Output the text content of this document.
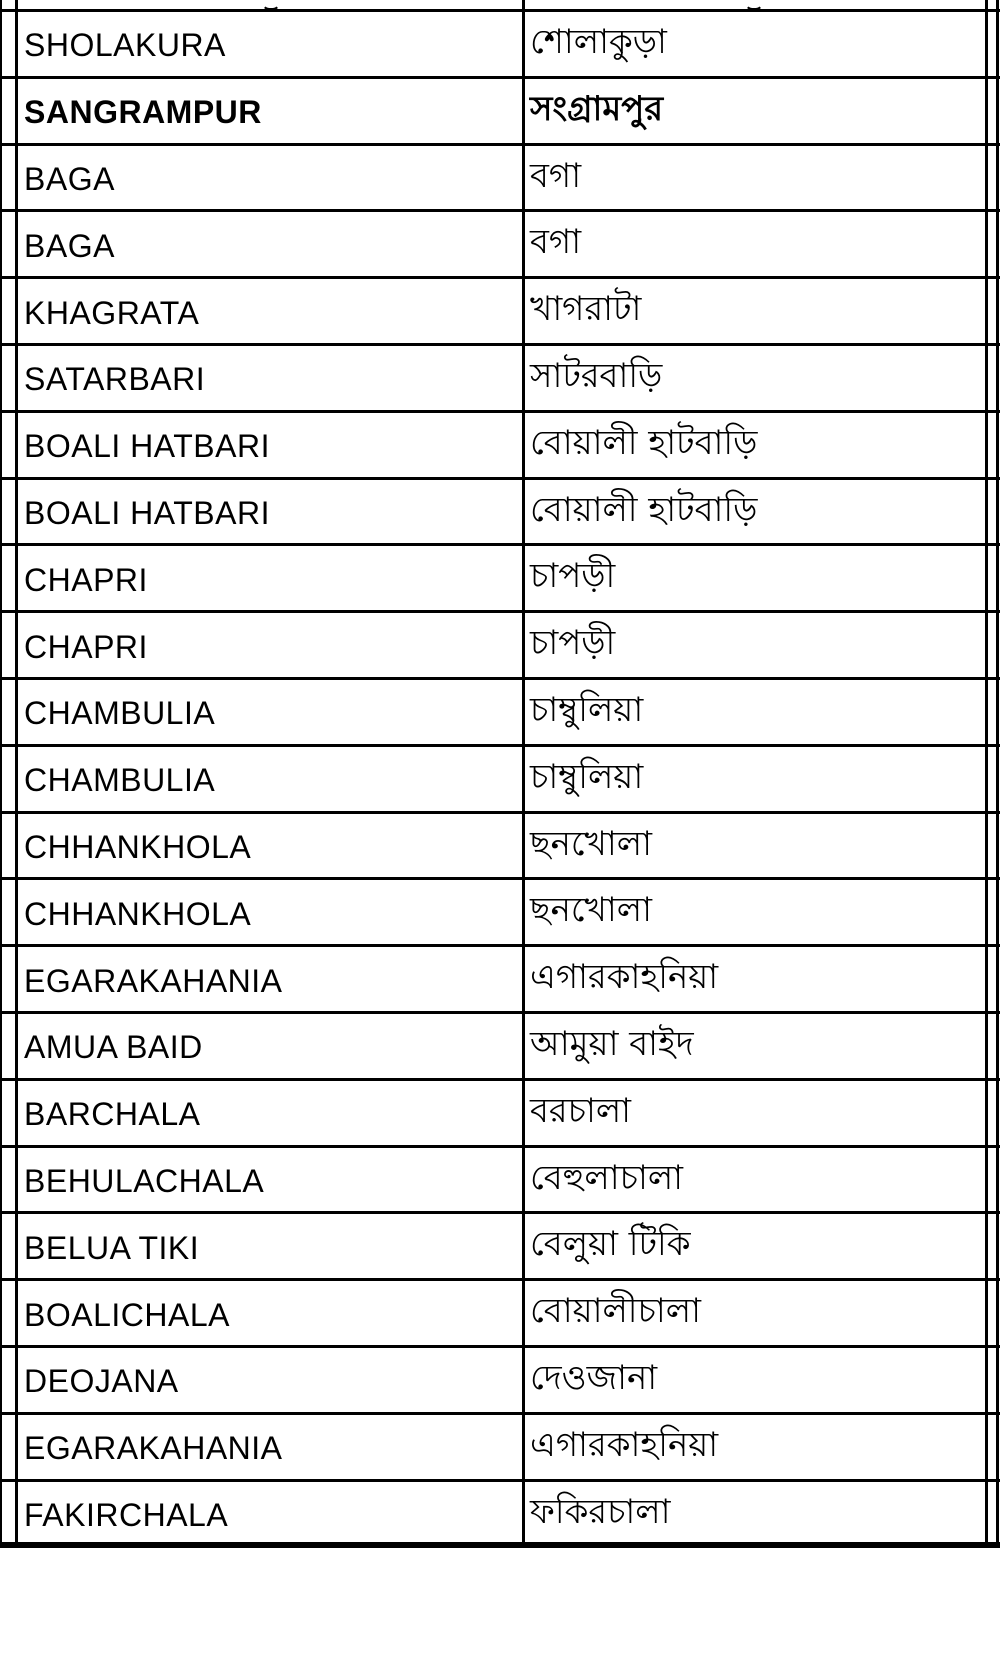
SHOLAKURA	শোলাকুড়া
SANGRAMPUR	সংগ্রামপুর
BAGA	বগা
BAGA	বগা
KHAGRATA	খাগরাটা
SATARBARI	সাটরবাড়ি
BOALI HATBARI	বোয়ালী হাটবাড়ি
BOALI HATBARI	বোয়ালী হাটবাড়ি
CHAPRI	চাপড়ী
CHAPRI	চাপড়ী
CHAMBULIA	চাম্বুলিয়া
CHAMBULIA	চাম্বুলিয়া
CHHANKHOLA	ছনখোলা
CHHANKHOLA	ছনখোলা
EGARAKAHANIA	এগারকাহনিয়া
AMUA BAID	আমুয়া বাইদ
BARCHALA	বরচালা
BEHULACHALA	বেহুলাচালা
BELUA TIKI	বেলুয়া টিকি
BOALICHALA	বোয়ালীচালা
DEOJANA	দেওজানা
EGARAKAHANIA	এগারকাহনিয়া
FAKIRCHALA	ফকিরচালা
